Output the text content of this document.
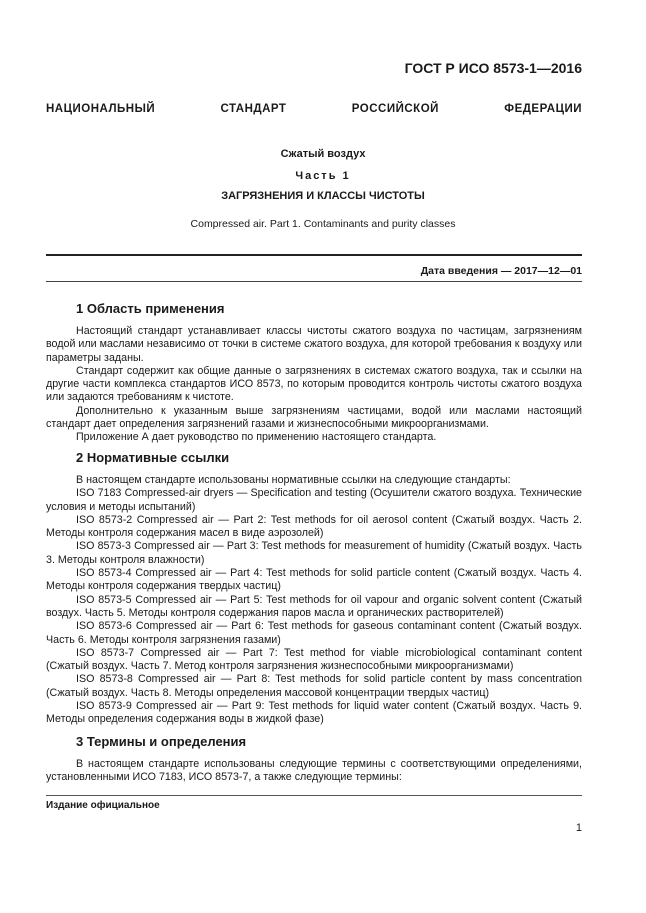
ГОСТ Р ИСО 8573-1—2016
НАЦИОНАЛЬНЫЙ СТАНДАРТ РОССИЙСКОЙ ФЕДЕРАЦИИ
Сжатый воздух
Часть 1
ЗАГРЯЗНЕНИЯ И КЛАССЫ ЧИСТОТЫ
Compressed air. Part 1. Contaminants and purity classes
Дата введения — 2017—12—01
1 Область применения

Настоящий стандарт устанавливает классы чистоты сжатого воздуха по частицам, загрязнениям водой или маслами независимо от точки в системе сжатого воздуха, для которой требования к воздуху или параметры заданы.

Стандарт содержит как общие данные о загрязнениях в системах сжатого воздуха, так и ссылки на другие части комплекса стандартов ИСО 8573, по которым проводится контроль чистоты сжатого воздуха или задаются требованиям к чистоте.

Дополнительно к указанным выше загрязнениям частицами, водой или маслами настоящий стандарт дает определения загрязнений газами и жизнеспособными микроорганизмами.

Приложение А дает руководство по применению настоящего стандарта.

2 Нормативные ссылки

В настоящем стандарте использованы нормативные ссылки на следующие стандарты:

ISO 7183 Compressed-air dryers — Specification and testing (Осушители сжатого воздуха. Технические условия и методы испытаний)

ISO 8573-2 Compressed air — Part 2: Test methods for oil aerosol content (Сжатый воздух. Часть 2. Методы контроля содержания масел в виде аэрозолей)

ISO 8573-3 Compressed air — Part 3: Test methods for measurement of humidity (Сжатый воздух. Часть 3. Методы контроля влажности)

ISO 8573-4 Compressed air — Part 4: Test methods for solid particle content (Сжатый воздух. Часть 4. Методы контроля содержания твердых частиц)

ISO 8573-5 Compressed air — Part 5: Test methods for oil vapour and organic solvent content (Сжатый воздух. Часть 5. Методы контроля содержания паров масла и органических растворителей)

ISO 8573-6 Compressed air — Part 6: Test methods for gaseous contaminant content (Сжатый воздух. Часть 6. Методы контроля загрязнения газами)

ISO 8573-7 Compressed air — Part 7: Test method for viable microbiological contaminant content (Сжатый воздух. Часть 7. Метод контроля загрязнения жизнеспособными микроорганизмами)

ISO 8573-8 Compressed air — Part 8: Test methods for solid particle content by mass concentration (Сжатый воздух. Часть 8. Методы определения массовой концентрации твердых частиц)

ISO 8573-9 Compressed air — Part 9: Test methods for liquid water content (Сжатый воздух. Часть 9. Методы определения содержания воды в жидкой фазе)

3 Термины и определения

В настоящем стандарте использованы следующие термины с соответствующими определениями, установленными ИСО 7183, ИСО 8573-7, а также следующие термины:

Издание официальное
1
